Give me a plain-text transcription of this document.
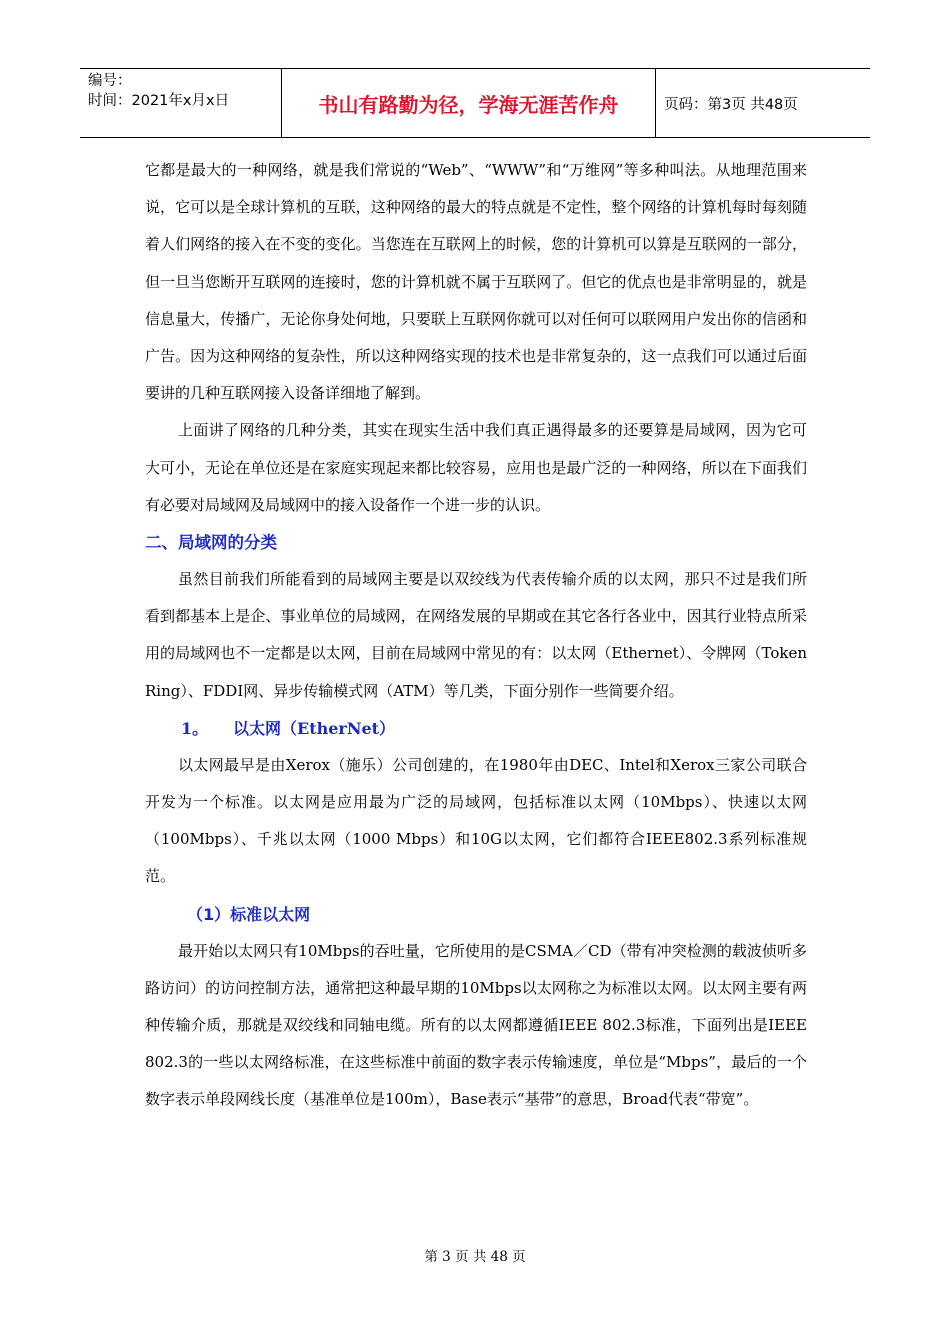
编号：
时间：2021年x月x日	书山有路勤为径，学海无涯苦作舟	页码：第3页 共48页

它都是最大的一种网络，就是我们常说的“Web”、“WWW”和“万维网”等多种叫法。从地理范围来说，它可以是全球计算机的互联，这种网络的最大的特点就是不定性，整个网络的计算机每时每刻随着人们网络的接入在不变的变化。当您连在互联网上的时候，您的计算机可以算是互联网的一部分，但一旦当您断开互联网的连接时，您的计算机就不属于互联网了。但它的优点也是非常明显的，就是信息量大，传播广，无论你身处何地，只要联上互联网你就可以对任何可以联网用户发出你的信函和广告。因为这种网络的复杂性，所以这种网络实现的技术也是非常复杂的，这一点我们可以通过后面要讲的几种互联网接入设备详细地了解到。

上面讲了网络的几种分类，其实在现实生活中我们真正遇得最多的还要算是局域网，因为它可大可小，无论在单位还是在家庭实现起来都比较容易，应用也是最广泛的一种网络，所以在下面我们有必要对局域网及局域网中的接入设备作一个进一步的认识。

二、局域网的分类

虽然目前我们所能看到的局域网主要是以双绞线为代表传输介质的以太网，那只不过是我们所看到都基本上是企、事业单位的局域网，在网络发展的早期或在其它各行各业中，因其行业特点所采用的局域网也不一定都是以太网，目前在局域网中常见的有：以太网（Ethernet）、令牌网（Token Ring）、FDDI网、异步传输模式网（ATM）等几类，下面分别作一些简要介绍。

1。 以太网（EtherNet）

以太网最早是由Xerox（施乐）公司创建的，在1980年由DEC、Intel和Xerox三家公司联合开发为一个标准。以太网是应用最为广泛的局域网，包括标准以太网（10Mbps）、快速以太网（100Mbps）、千兆以太网（1000 Mbps）和10G以太网，它们都符合IEEE802.3系列标准规范。

（1）标准以太网

最开始以太网只有10Mbps的吞吐量，它所使用的是CSMA／CD（带有冲突检测的载波侦听多路访问）的访问控制方法，通常把这种最早期的10Mbps以太网称之为标准以太网。以太网主要有两种传输介质，那就是双绞线和同轴电缆。所有的以太网都遵循IEEE 802.3标准，下面列出是IEEE 802.3的一些以太网络标准，在这些标准中前面的数字表示传输速度，单位是“Mbps”，最后的一个数字表示单段网线长度（基准单位是100m），Base表示“基带”的意思，Broad代表“带宽”。

第 3 页 共 48 页
